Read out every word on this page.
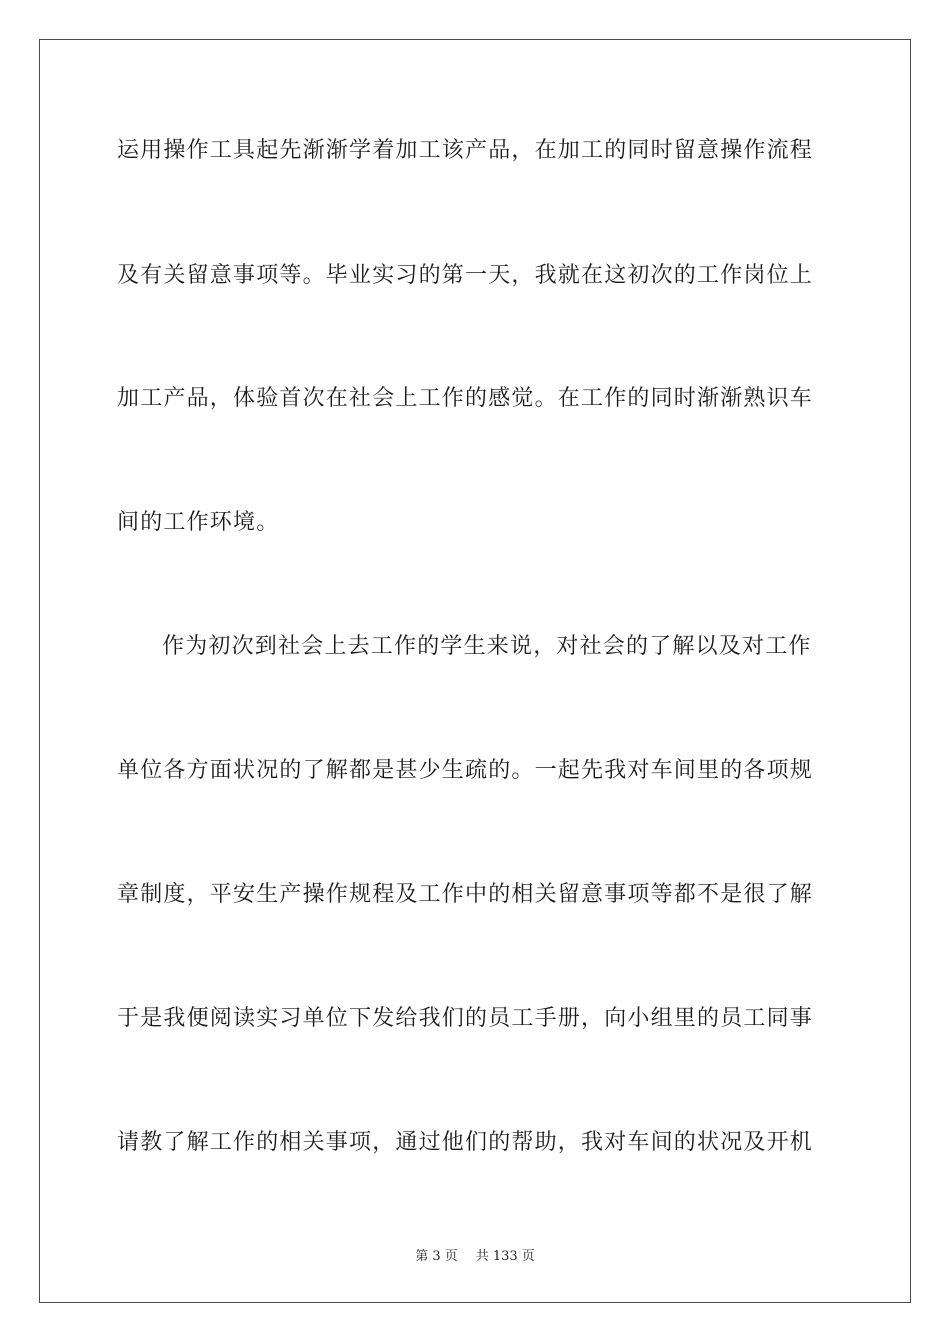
运用操作工具起先渐渐学着加工该产品，在加工的同时留意操作流程
及有关留意事项等。毕业实习的第一天，我就在这初次的工作岗位上
加工产品，体验首次在社会上工作的感觉。在工作的同时渐渐熟识车
间的工作环境。
作为初次到社会上去工作的学生来说，对社会的了解以及对工作
单位各方面状况的了解都是甚少生疏的。一起先我对车间里的各项规
章制度，平安生产操作规程及工作中的相关留意事项等都不是很了解
于是我便阅读实习单位下发给我们的员工手册，向小组里的员工同事
请教了解工作的相关事项，通过他们的帮助，我对车间的状况及开机
第 3 页 共 133 页
